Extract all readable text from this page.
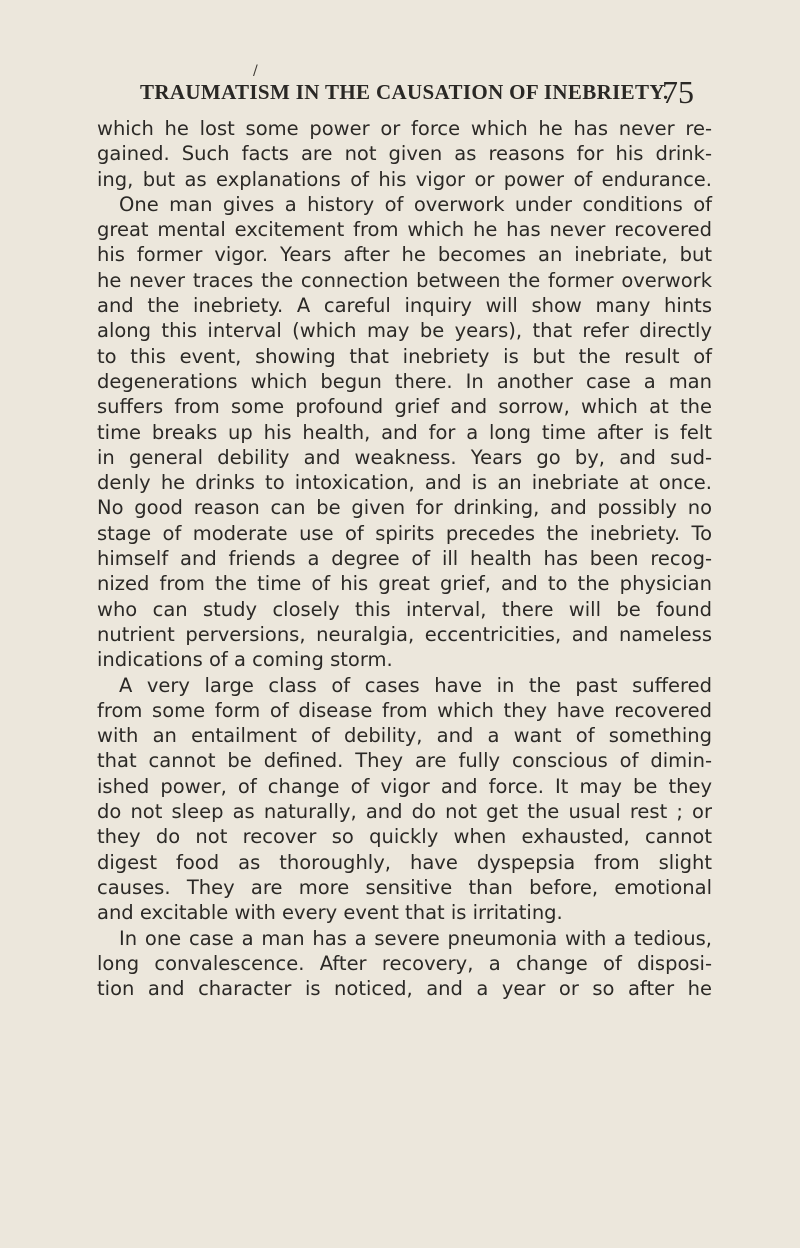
/
TRAUMATISM IN THE CAUSATION OF INEBRIETY.
75
which he lost some power or force which he has never re-
gained. Such facts are not given as reasons for his drink-
ing, but as explanations of his vigor or power of endurance.
One man gives a history of overwork under conditions of
great mental excitement from which he has never recovered
his former vigor. Years after he becomes an inebriate, but
he never traces the connection between the former overwork
and the inebriety. A careful inquiry will show many hints
along this interval (which may be years), that refer directly
to this event, showing that inebriety is but the result of
degenerations which begun there. In another case a man
suffers from some profound grief and sorrow, which at the
time breaks up his health, and for a long time after is felt
in general debility and weakness. Years go by, and sud-
denly he drinks to intoxication, and is an inebriate at once.
No good reason can be given for drinking, and possibly no
stage of moderate use of spirits precedes the inebriety. To
himself and friends a degree of ill health has been recog-
nized from the time of his great grief, and to the physician
who can study closely this interval, there will be found
nutrient perversions, neuralgia, eccentricities, and nameless
indications of a coming storm.
A very large class of cases have in the past suffered
from some form of disease from which they have recovered
with an entailment of debility, and a want of something
that cannot be defined. They are fully conscious of dimin-
ished power, of change of vigor and force. It may be they
do not sleep as naturally, and do not get the usual rest ; or
they do not recover so quickly when exhausted, cannot
digest food as thoroughly, have dyspepsia from slight
causes. They are more sensitive than before, emotional
and excitable with every event that is irritating.
In one case a man has a severe pneumonia with a tedious,
long convalescence. After recovery, a change of disposi-
tion and character is noticed, and a year or so after he
